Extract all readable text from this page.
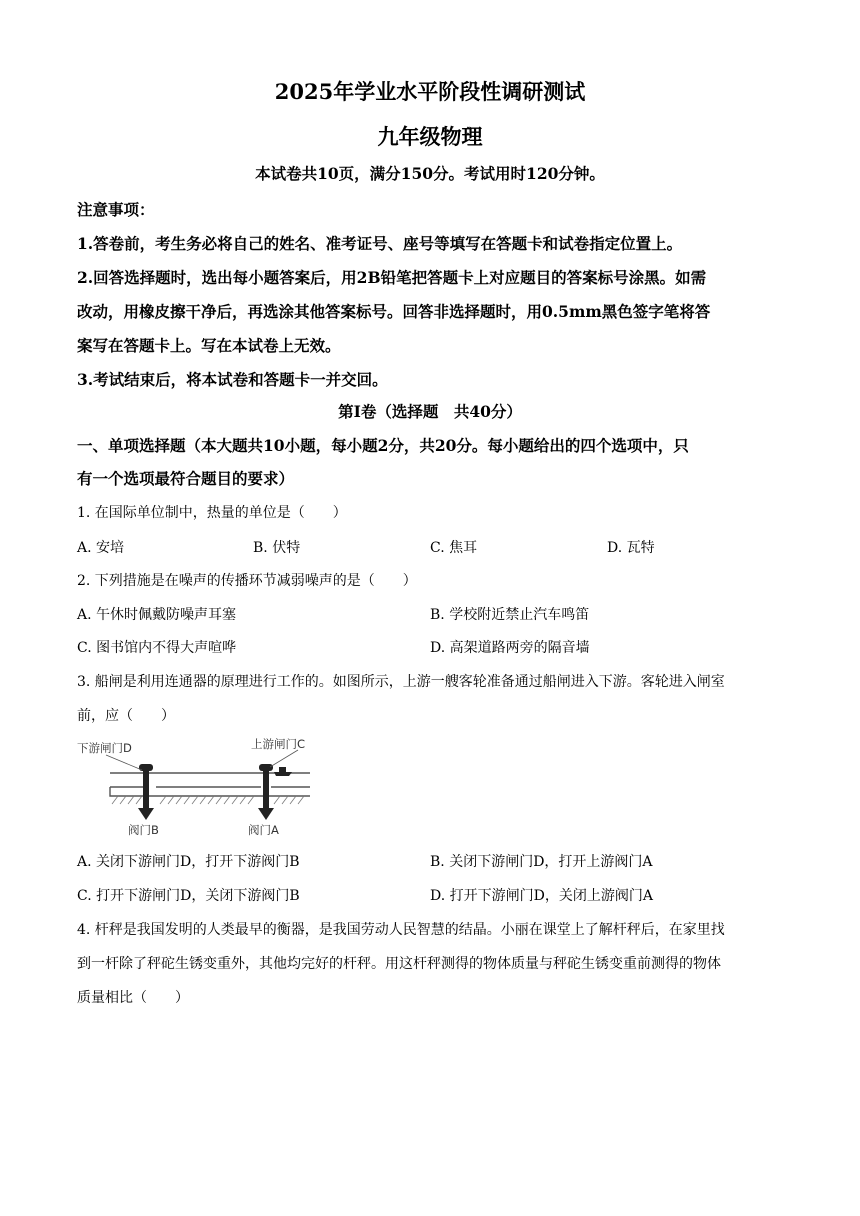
2025年学业水平阶段性调研测试
九年级物理
本试卷共10页，满分150分。考试用时120分钟。
注意事项：
1.答卷前，考生务必将自己的姓名、准考证号、座号等填写在答题卡和试卷指定位置上。
2.回答选择题时，选出每小题答案后，用2B铅笔把答题卡上对应题目的答案标号涂黑。如需
改动，用橡皮擦干净后，再选涂其他答案标号。回答非选择题时，用0.5mm黑色签字笔将答
案写在答题卡上。写在本试卷上无效。
3.考试结束后，将本试卷和答题卡一并交回。
第Ⅰ卷（选择题　共40分）
一、单项选择题（本大题共10小题，每小题2分，共20分。每小题给出的四个选项中，只
有一个选项最符合题目的要求）
1. 在国际单位制中，热量的单位是（　　）
A. 安培	B. 伏特	C. 焦耳	D. 瓦特
2. 下列措施是在噪声的传播环节减弱噪声的是（　　）
A. 午休时佩戴防噪声耳塞	B. 学校附近禁止汽车鸣笛
C. 图书馆内不得大声喧哗	D. 高架道路两旁的隔音墙
3. 船闸是利用连通器的原理进行工作的。如图所示，上游一艘客轮准备通过船闸进入下游。客轮进入闸室
前，应（　　）
下游闸门D	上游闸门C
阀门B	阀门A
A. 关闭下游闸门D，打开下游阀门B	B. 关闭下游闸门D，打开上游阀门A
C. 打开下游闸门D，关闭下游阀门B	D. 打开下游闸门D，关闭上游阀门A
4. 杆秤是我国发明的人类最早的衡器，是我国劳动人民智慧的结晶。小丽在课堂上了解杆秤后，在家里找
到一杆除了秤砣生锈变重外，其他均完好的杆秤。用这杆秤测得的物体质量与秤砣生锈变重前测得的物体
质量相比（　　）
